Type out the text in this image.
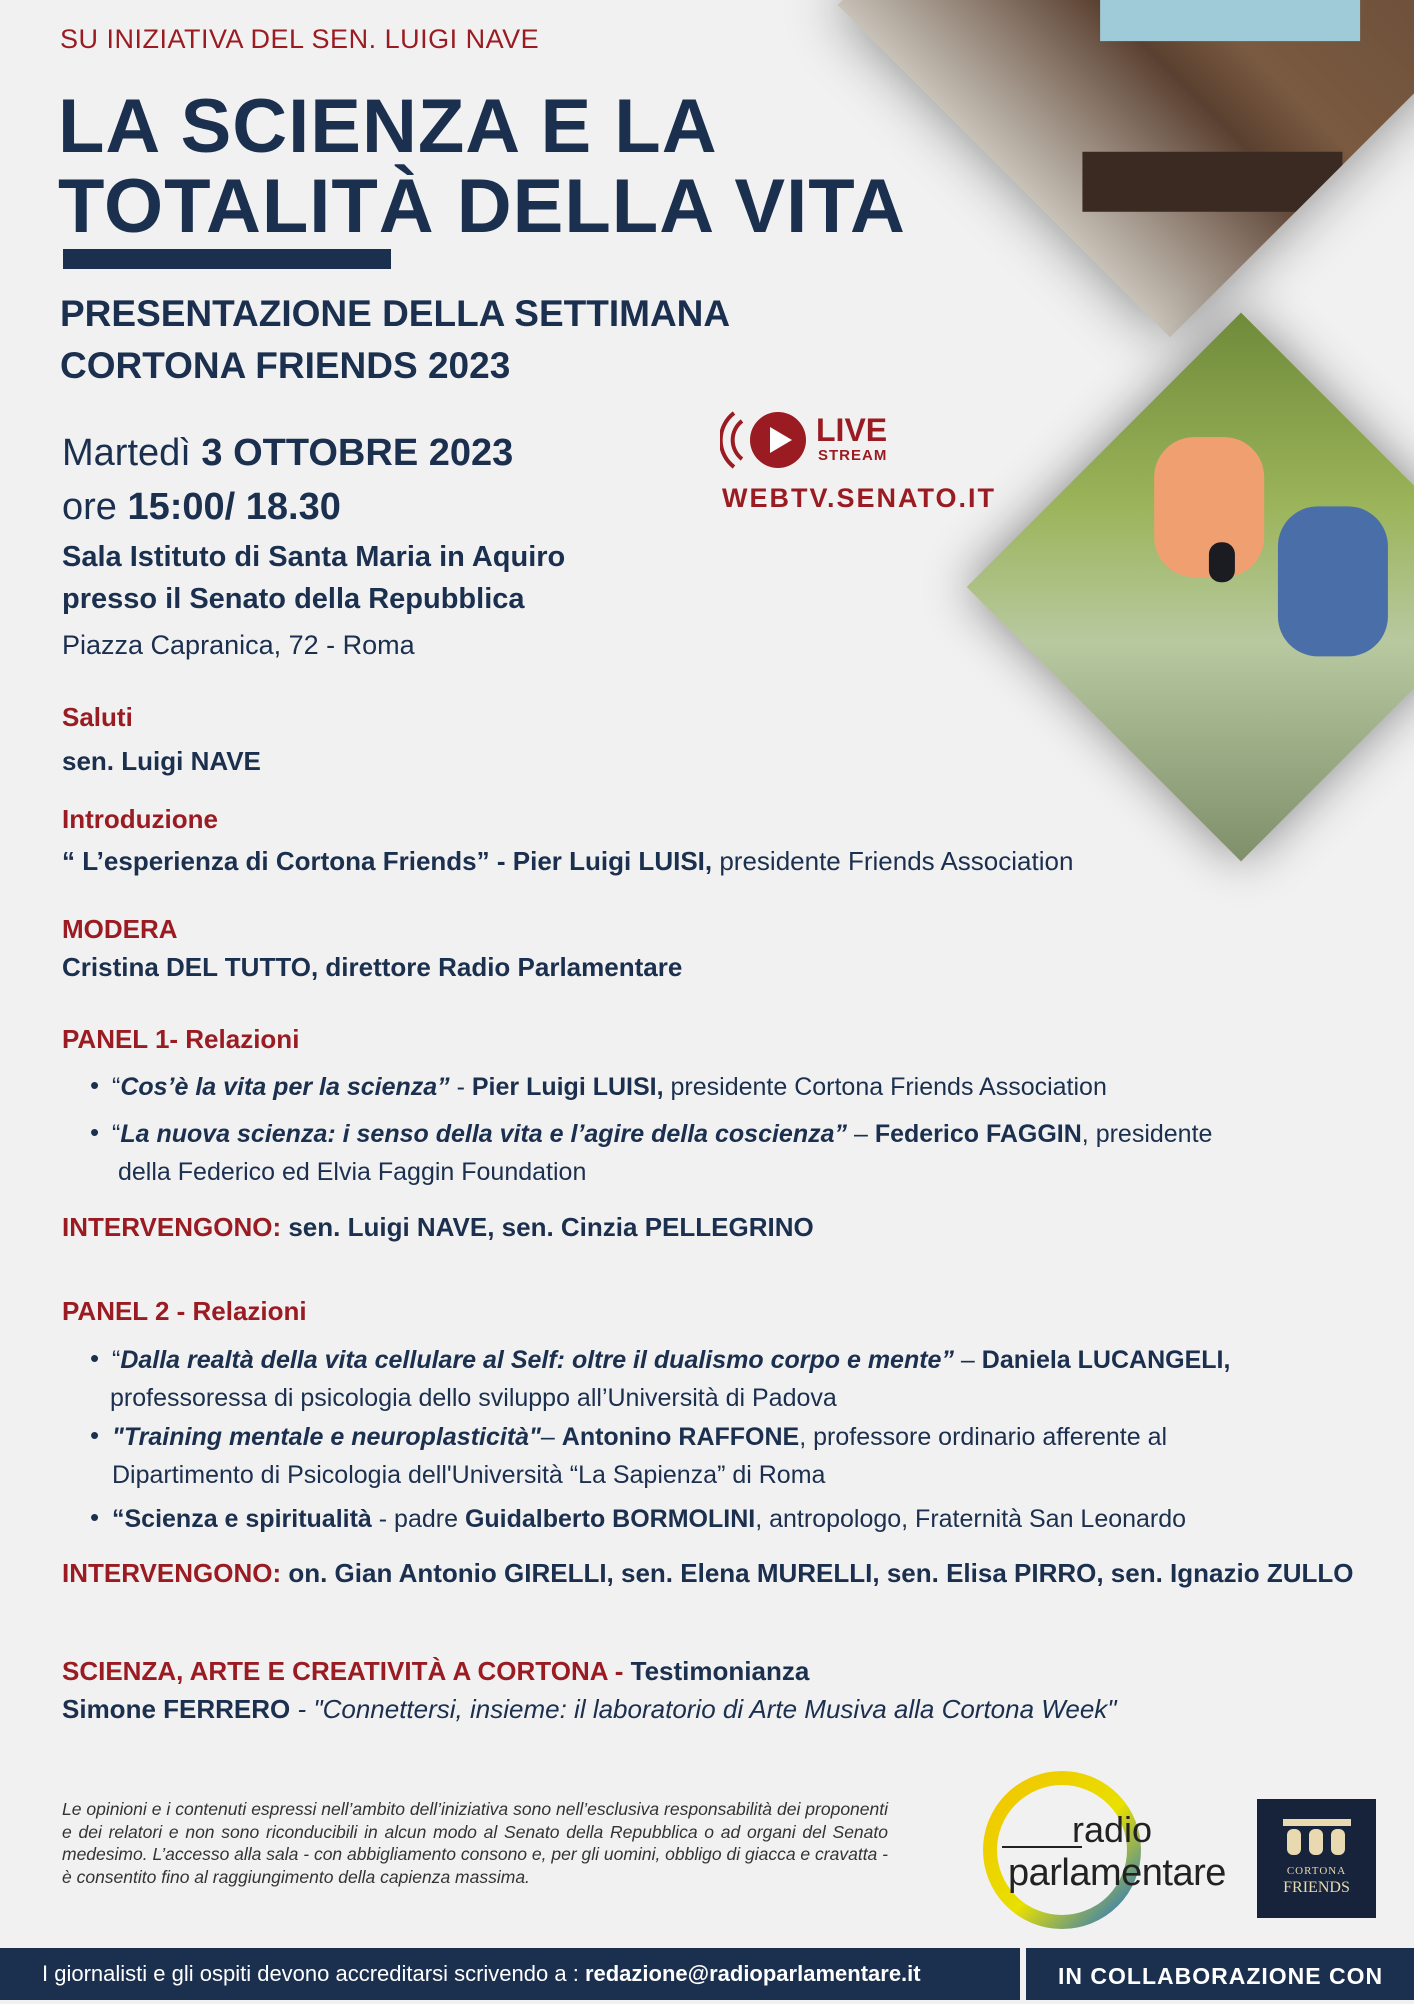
SU INIZIATIVA DEL SEN. LUIGI NAVE
LA SCIENZA E LA
TOTALITÀ DELLA VITA
PRESENTAZIONE DELLA SETTIMANA
CORTONA FRIENDS 2023
Martedì 3 OTTOBRE 2023
ore 15:00/ 18.30
Sala Istituto di Santa Maria in Aquiro
presso il Senato della Repubblica
Piazza Capranica, 72 - Roma
LIVE
STREAM
WEBTV.SENATO.IT
Saluti
sen. Luigi NAVE
Introduzione
“ L’esperienza di Cortona Friends” - Pier Luigi LUISI, presidente Friends Association
MODERA
Cristina DEL TUTTO, direttore Radio Parlamentare
PANEL 1- Relazioni
• “Cos’è la vita per la scienza” - Pier Luigi LUISI, presidente Cortona Friends Association
• “La nuova scienza: i senso della vita e l’agire della coscienza” – Federico FAGGIN, presidente
della Federico ed Elvia Faggin Foundation
INTERVENGONO: sen. Luigi NAVE, sen. Cinzia PELLEGRINO
PANEL 2 - Relazioni
• “Dalla realtà della vita cellulare al Self: oltre il dualismo corpo e mente” – Daniela LUCANGELI,
professoressa di psicologia dello sviluppo all’Università di Padova
• "Training mentale e neuroplasticità"– Antonino RAFFONE, professore ordinario afferente al
Dipartimento di Psicologia dell'Università “La Sapienza” di Roma
• “Scienza e spiritualità - padre Guidalberto BORMOLINI, antropologo, Fraternità San Leonardo
INTERVENGONO: on. Gian Antonio GIRELLI, sen. Elena MURELLI, sen. Elisa PIRRO, sen. Ignazio ZULLO
SCIENZA, ARTE E CREATIVITÀ A CORTONA - Testimonianza
Simone FERRERO - "Connettersi, insieme: il laboratorio di Arte Musiva alla Cortona Week"
Le opinioni e i contenuti espressi nell’ambito dell’iniziativa sono nell’esclusiva responsabilità dei proponenti e dei relatori e non sono riconducibili in alcun modo al Senato della Repubblica o ad organi del Senato medesimo. L’accesso alla sala - con abbigliamento consono e, per gli uomini, obbligo di giacca e cravatta - è consentito fino al raggiungimento della capienza massima.
radio
parlamentare	CORTONA
FRIENDS
I giornalisti e gli ospiti devono accreditarsi scrivendo a : redazione@radioparlamentare.it	IN COLLABORAZIONE CON
